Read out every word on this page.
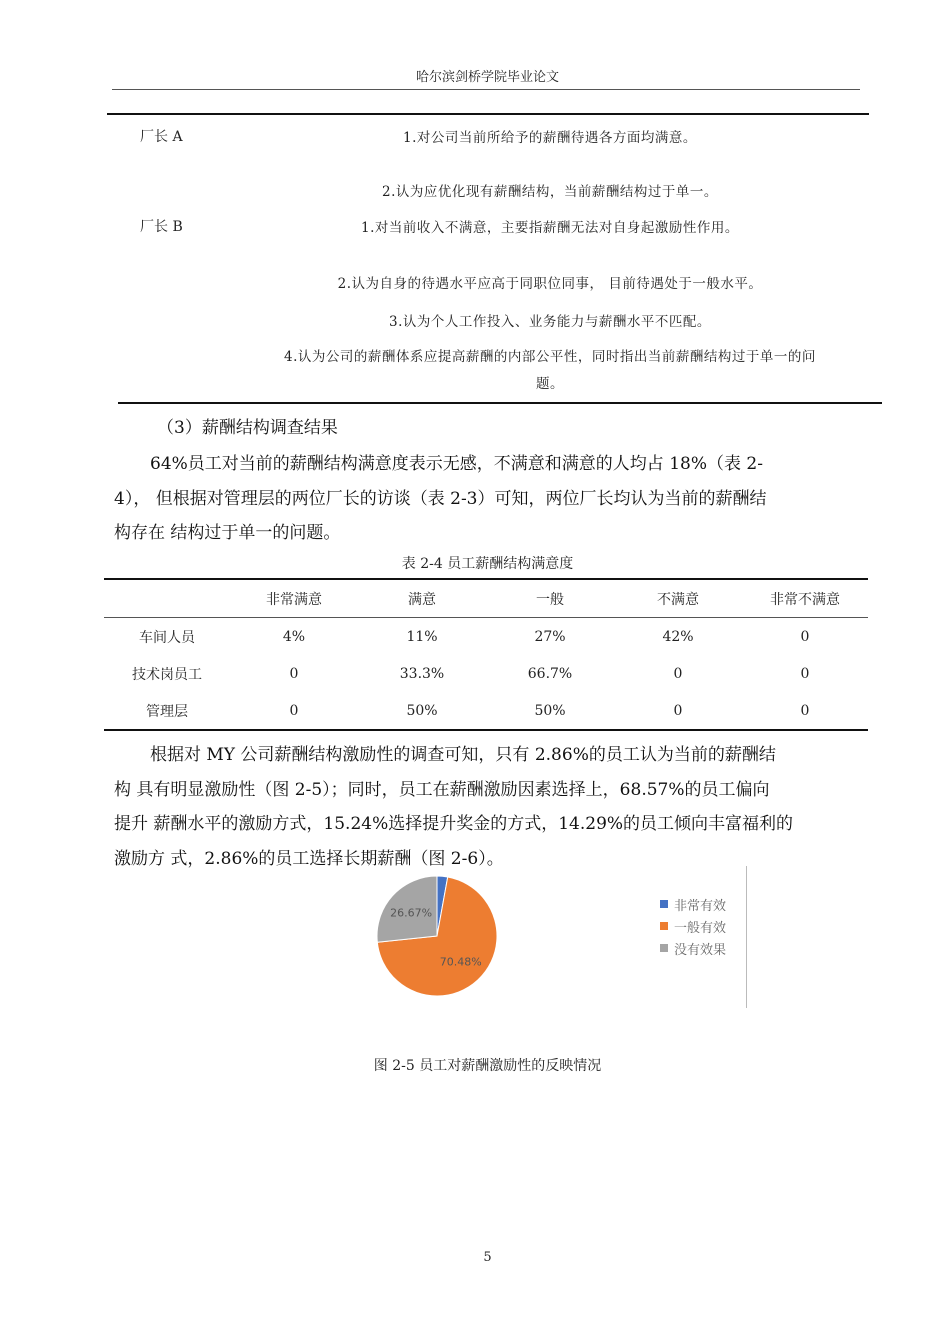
哈尔滨剑桥学院毕业论文
厂长 A	1.对公司当前所给予的薪酬待遇各方面均满意。
2.认为应优化现有薪酬结构，当前薪酬结构过于单一。
厂长 B	1.对当前收入不满意，主要指薪酬无法对自身起激励性作用。
2.认为自身的待遇水平应高于同职位同事， 目前待遇处于一般水平。
3.认为个人工作投入、业务能力与薪酬水平不匹配。
4.认为公司的薪酬体系应提高薪酬的内部公平性，同时指出当前薪酬结构过于单一的问
题。
（3）薪酬结构调查结果
64%员工对当前的薪酬结构满意度表示无感，不满意和满意的人均占 18%（表 2-
4）， 但根据对管理层的两位厂长的访谈（表 2-3）可知，两位厂长均认为当前的薪酬结
构存在 结构过于单一的问题。
表 2-4 员工薪酬结构满意度
	非常满意	满意	一般	不满意	非常不满意
车间人员	4%	11%	27%	42%	0
技术岗员工	0	33.3%	66.7%	0	0
管理层	0	50%	50%	0	0
根据对 MY 公司薪酬结构激励性的调查可知，只有 2.86%的员工认为当前的薪酬结
构 具有明显激励性（图 2-5）；同时，员工在薪酬激励因素选择上，68.57%的员工偏向
提升 薪酬水平的激励方式，15.24%选择提升奖金的方式，14.29%的员工倾向丰富福利的
激励方 式，2.86%的员工选择长期薪酬（图 2-6）。
70.48%
26.67%	非常有效
一般有效
没有效果
图 2-5 员工对薪酬激励性的反映情况
5
